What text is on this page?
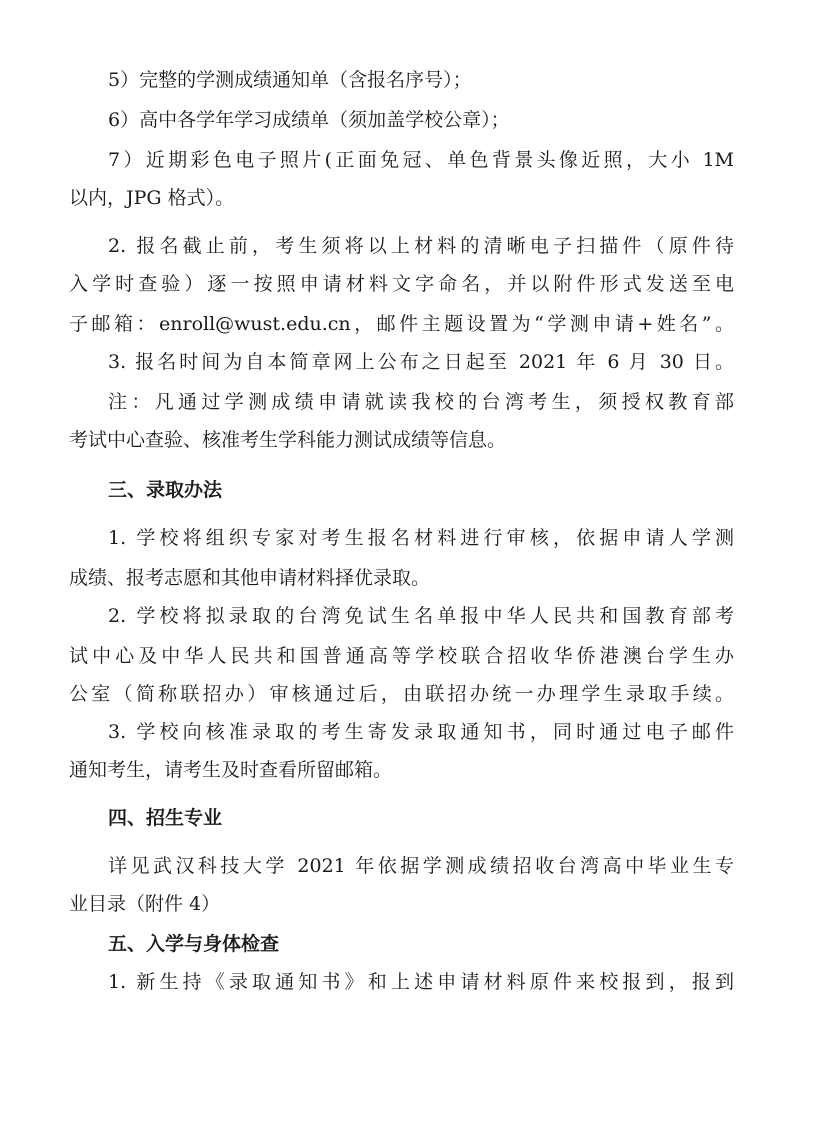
5）完整的学测成绩通知单（含报名序号）；
6）高中各学年学习成绩单（须加盖学校公章）；
7）近期彩色电子照片(正面免冠、单色背景头像近照，大小 1M
以内，JPG 格式）。
2. 报名截止前，考生须将以上材料的清晰电子扫描件（原件待
入学时查验）逐一按照申请材料文字命名，并以附件形式发送至电
子邮箱：enroll@wust.edu.cn，邮件主题设置为“学测申请+姓名”。
3. 报名时间为自本简章网上公布之日起至 2021 年 6 月 30 日。
注：凡通过学测成绩申请就读我校的台湾考生，须授权教育部
考试中心查验、核准考生学科能力测试成绩等信息。
三、录取办法
1. 学校将组织专家对考生报名材料进行审核，依据申请人学测
成绩、报考志愿和其他申请材料择优录取。
2. 学校将拟录取的台湾免试生名单报中华人民共和国教育部考
试中心及中华人民共和国普通高等学校联合招收华侨港澳台学生办
公室（简称联招办）审核通过后，由联招办统一办理学生录取手续。
3. 学校向核准录取的考生寄发录取通知书，同时通过电子邮件
通知考生，请考生及时查看所留邮箱。
四、招生专业
详见武汉科技大学 2021 年依据学测成绩招收台湾高中毕业生专
业目录（附件 4）
五、入学与身体检查
1. 新生持《录取通知书》和上述申请材料原件来校报到，报到
